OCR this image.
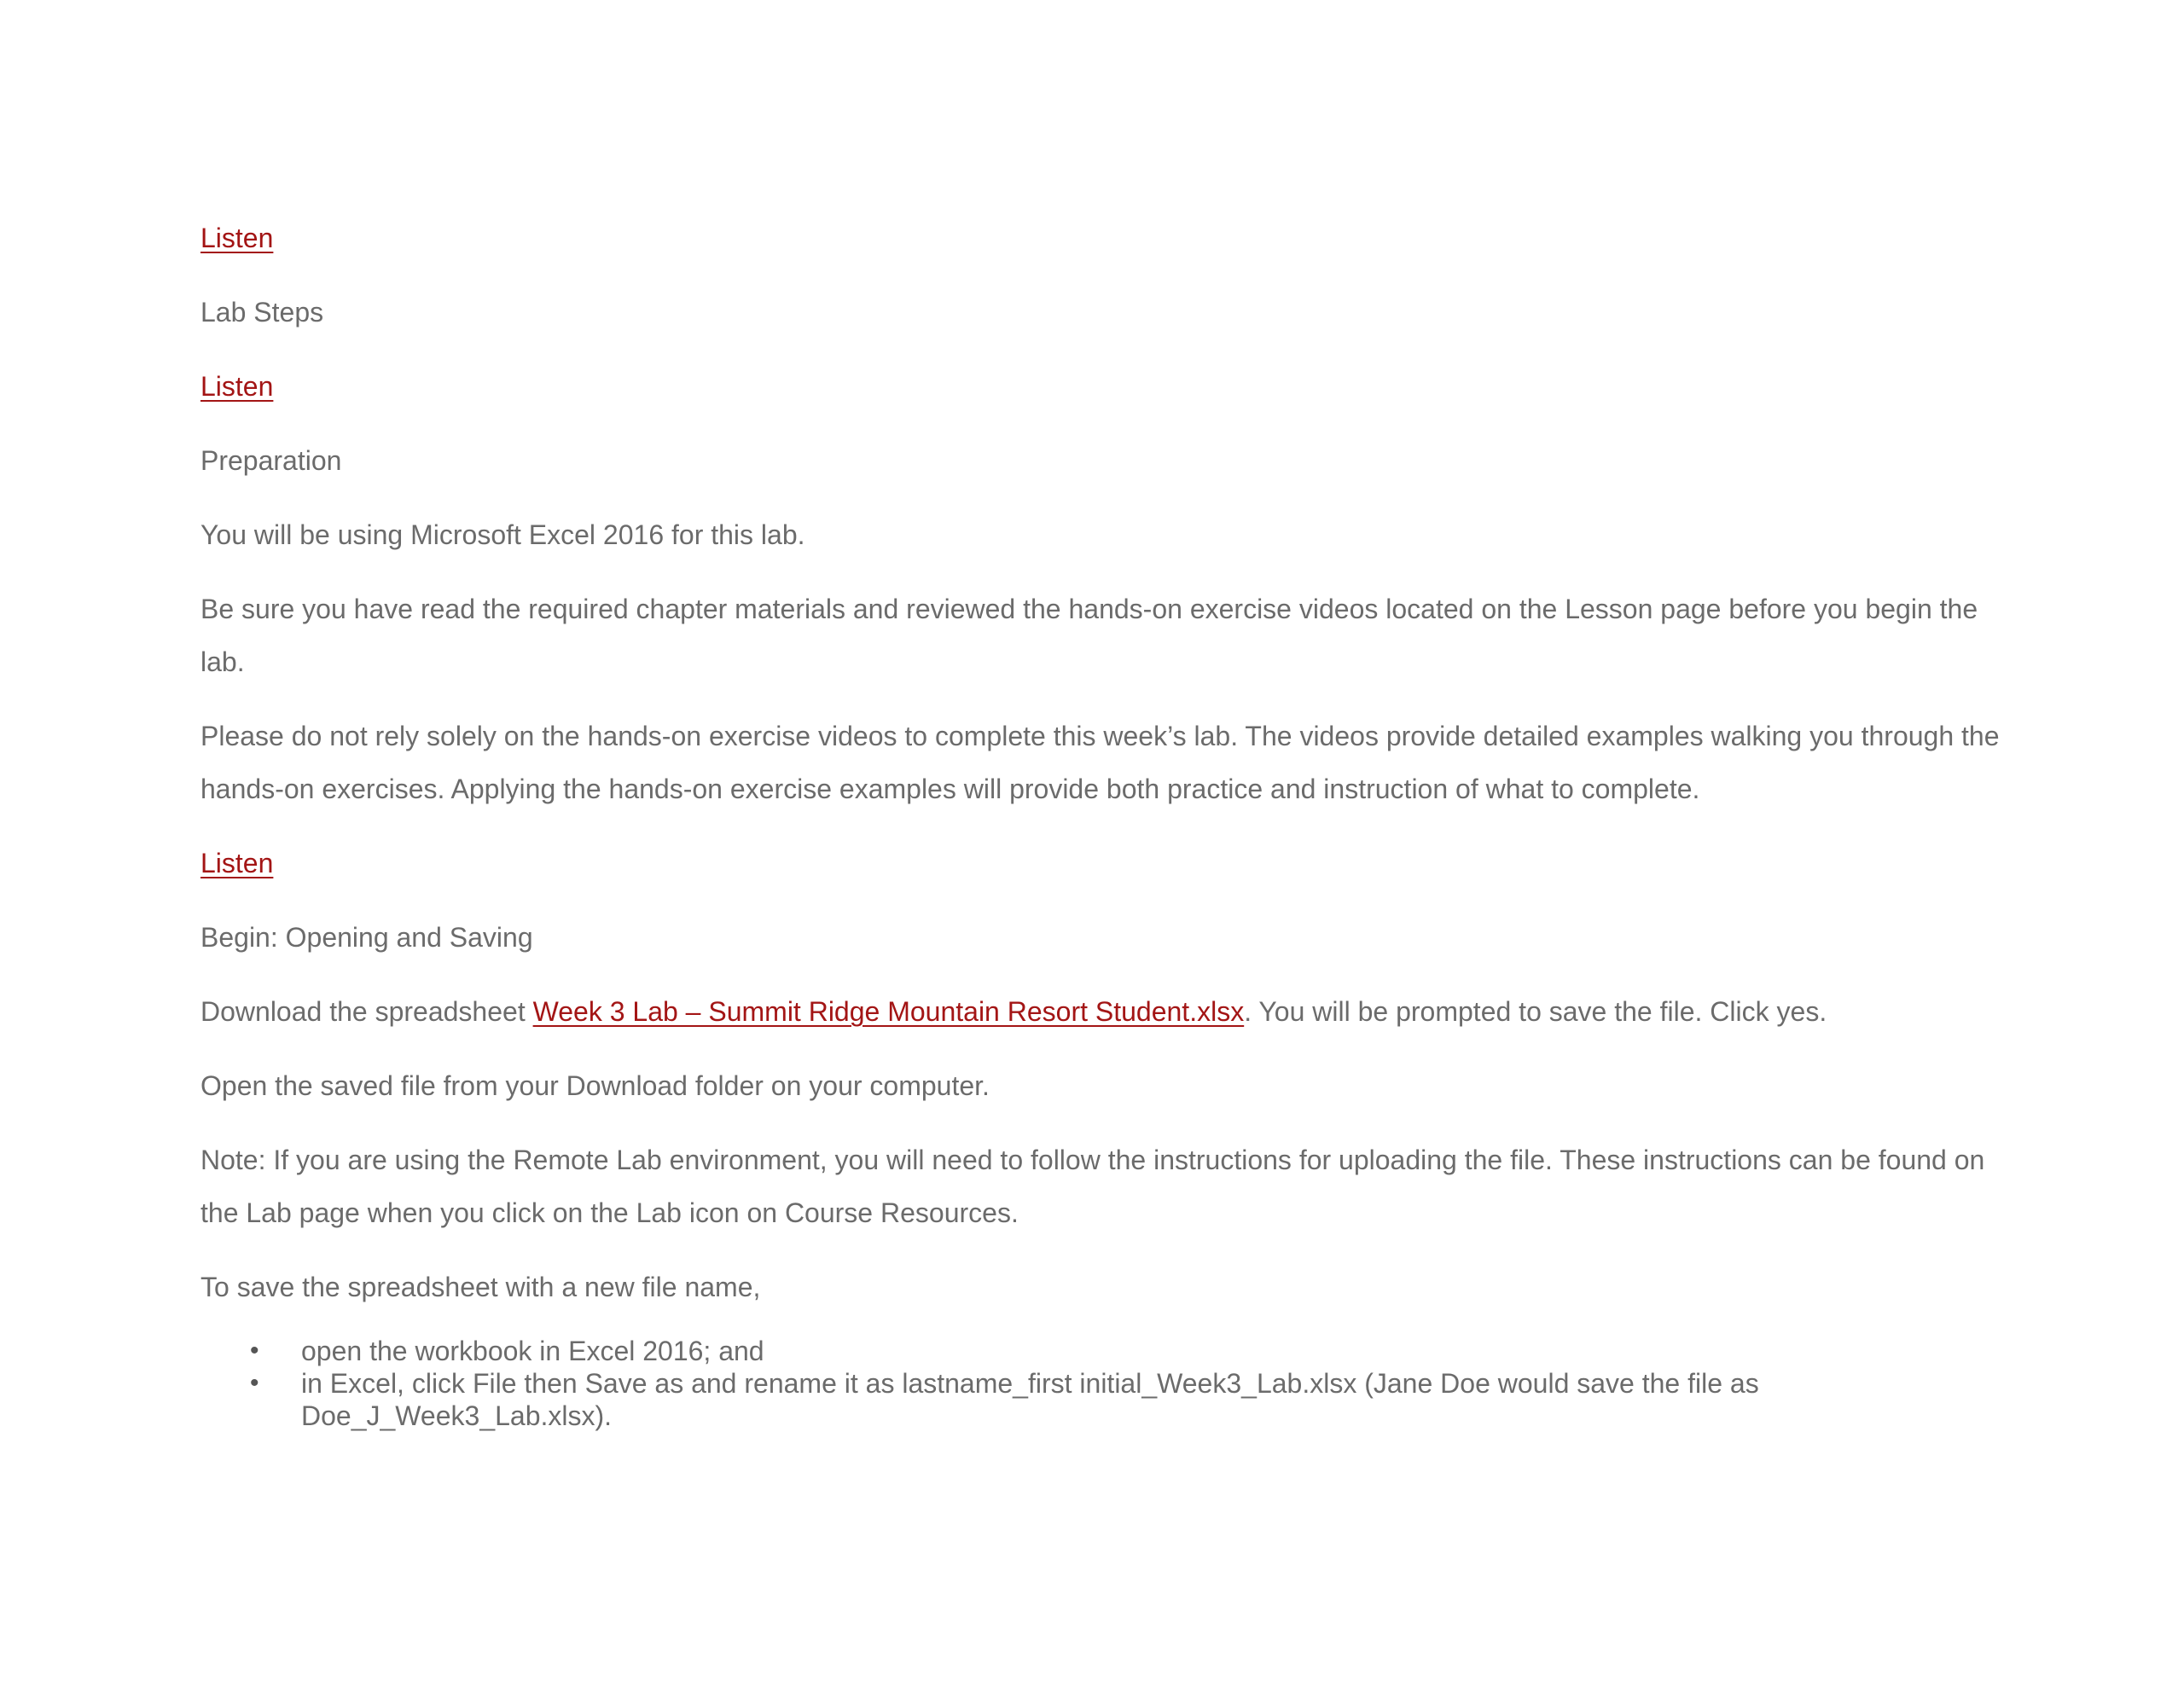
Listen

Lab Steps

Listen

Preparation

You will be using Microsoft Excel 2016 for this lab.

Be sure you have read the required chapter materials and reviewed the hands-on exercise videos located on the Lesson page before you begin the lab.

Please do not rely solely on the hands-on exercise videos to complete this week’s lab. The videos provide detailed examples walking you through the hands-on exercises. Applying the hands-on exercise examples will provide both practice and instruction of what to complete.

Listen

Begin: Opening and Saving

Download the spreadsheet Week 3 Lab – Summit Ridge Mountain Resort Student.xlsx. You will be prompted to save the file. Click yes.

Open the saved file from your Download folder on your computer.

Note: If you are using the Remote Lab environment, you will need to follow the instructions for uploading the file. These instructions can be found on the Lab page when you click on the Lab icon on Course Resources.

To save the spreadsheet with a new file name,

• open the workbook in Excel 2016; and
• in Excel, click File then Save as and rename it as lastname_first initial_Week3_Lab.xlsx (Jane Doe would save the file as Doe_J_Week3_Lab.xlsx).
